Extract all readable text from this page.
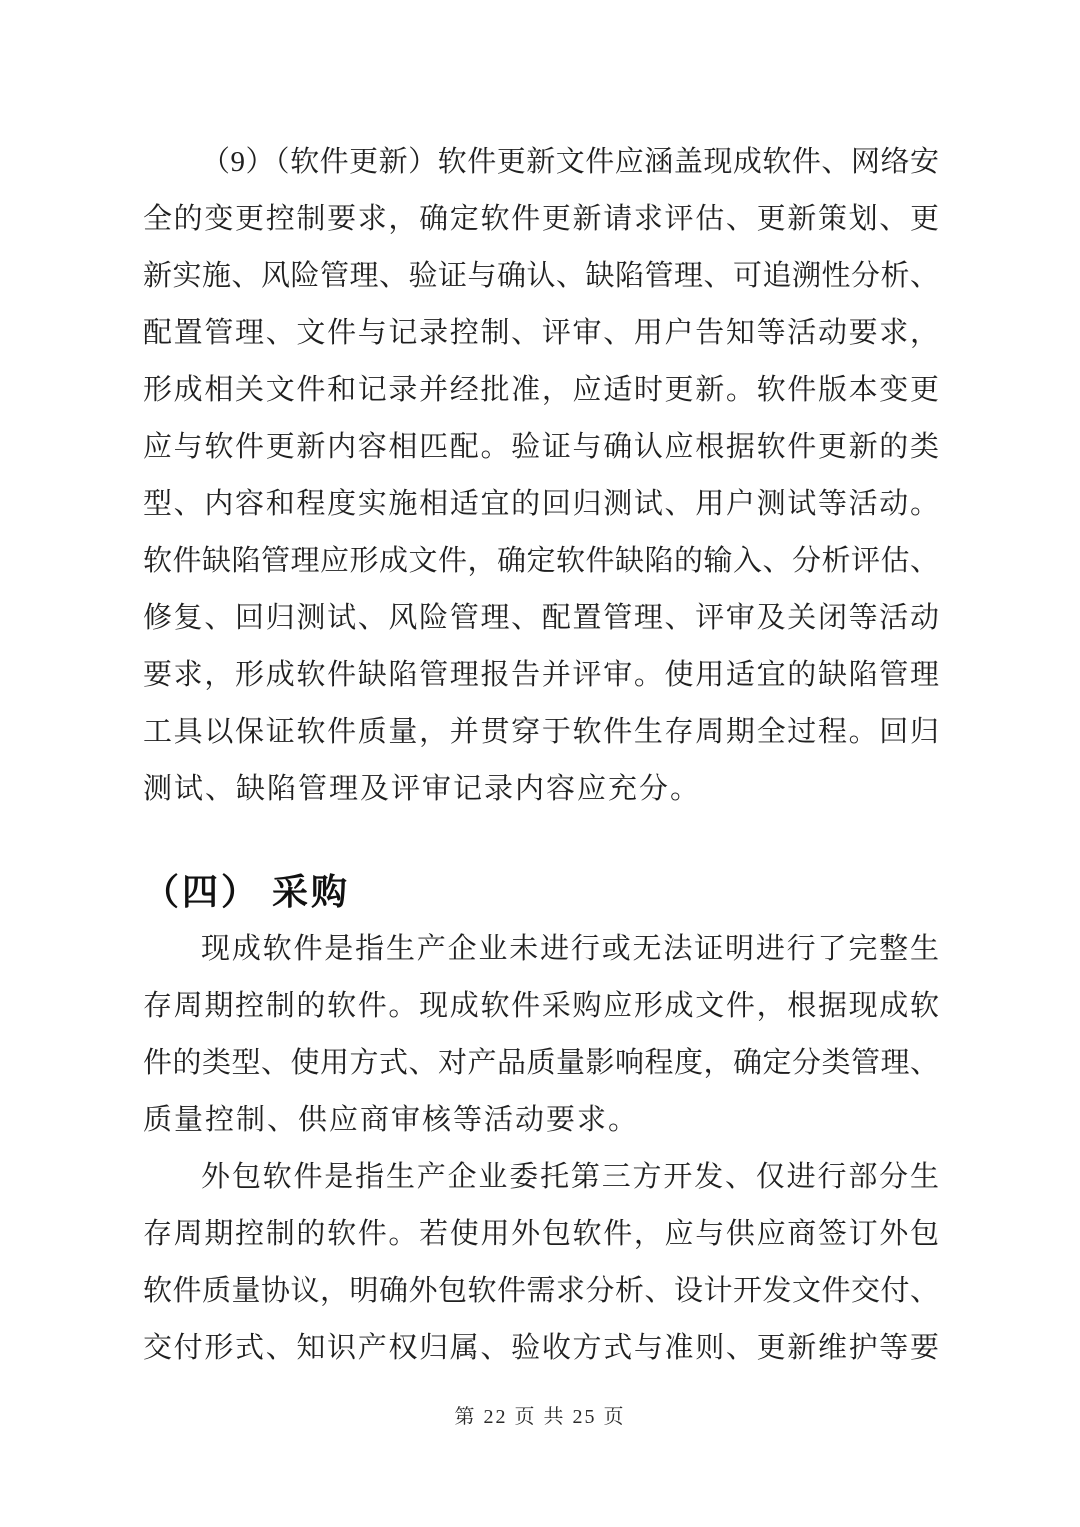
（9）（软件更新）软件更新文件应涵盖现成软件、网络安
全的变更控制要求，确定软件更新请求评估、更新策划、更
新实施、风险管理、验证与确认、缺陷管理、可追溯性分析、
配置管理、文件与记录控制、评审、用户告知等活动要求，
形成相关文件和记录并经批准，应适时更新。软件版本变更
应与软件更新内容相匹配。验证与确认应根据软件更新的类
型、内容和程度实施相适宜的回归测试、用户测试等活动。
软件缺陷管理应形成文件，确定软件缺陷的输入、分析评估、
修复、回归测试、风险管理、配置管理、评审及关闭等活动
要求，形成软件缺陷管理报告并评审。使用适宜的缺陷管理
工具以保证软件质量，并贯穿于软件生存周期全过程。回归
测试、缺陷管理及评审记录内容应充分。
（四） 采购
现成软件是指生产企业未进行或无法证明进行了完整生
存周期控制的软件。现成软件采购应形成文件，根据现成软
件的类型、使用方式、对产品质量影响程度，确定分类管理、
质量控制、供应商审核等活动要求。
外包软件是指生产企业委托第三方开发、仅进行部分生
存周期控制的软件。若使用外包软件，应与供应商签订外包
软件质量协议，明确外包软件需求分析、设计开发文件交付、
交付形式、知识产权归属、验收方式与准则、更新维护等要
第 22 页 共 25 页
